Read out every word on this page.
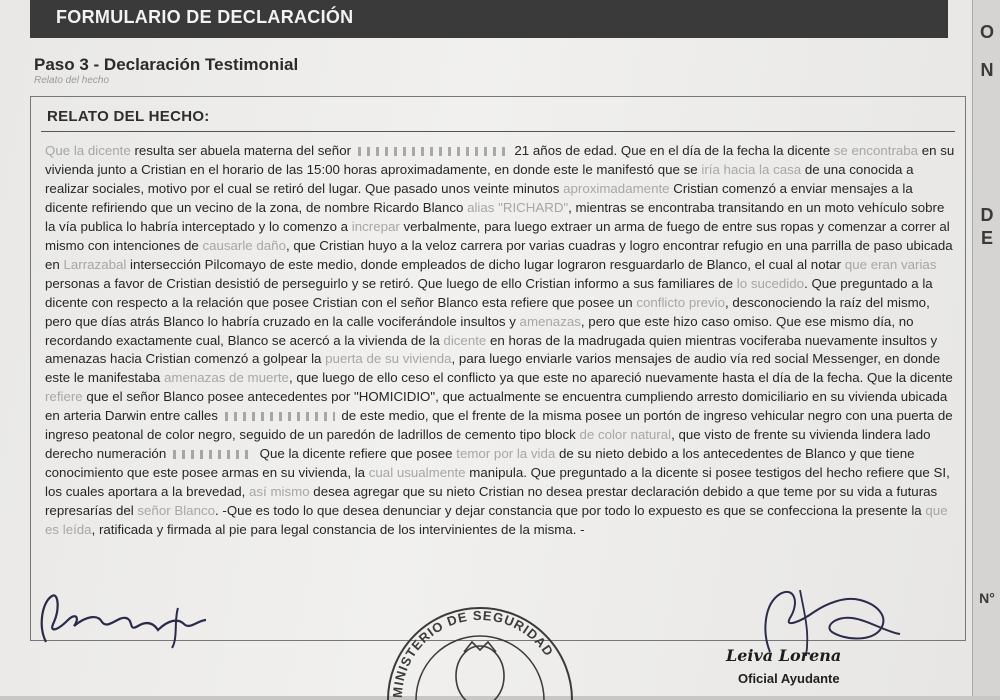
FORMULARIO DE DECLARACIÓN
Paso 3 - Declaración Testimonial
Relato del hecho
RELATO DEL HECHO:

Que la dicente resulta ser abuela materna del señor	21 años de edad. Que en el día de la fecha la dicente se encontraba en su vivienda junto a Cristian en el horario de las 15:00 horas aproximadamente, en donde este le manifestó que se iría hacia la casa de una conocida a realizar sociales, motivo por el cual se retiró del lugar. Que pasado unos veinte minutos aproximadamente Cristian comenzó a enviar mensajes a la dicente refiriendo que un vecino de la zona, de nombre Ricardo Blanco alias "RICHARD", mientras se encontraba transitando en un moto vehículo sobre la vía publica lo habría interceptado y lo comenzo a increpar verbalmente, para luego extraer un arma de fuego de entre sus ropas y comenzar a correr al mismo con intenciones de causarle daño, que Cristian huyo a la veloz carrera por varias cuadras y logro encontrar refugio en una parrilla de paso ubicada en Larrazabal intersección Pilcomayo de este medio, donde empleados de dicho lugar lograron resguardarlo de Blanco, el cual al notar que eran varias personas a favor de Cristian desistió de perseguirlo y se retiró. Que luego de ello Cristian informo a sus familiares de lo sucedido. Que preguntado a la dicente con respecto a la relación que posee Cristian con el señor Blanco esta refiere que posee un conflicto previo, desconociendo la raíz del mismo, pero que días atrás Blanco lo habría cruzado en la calle vociferándole insultos y amenazas, pero que este hizo caso omiso. Que ese mismo día, no recordando exactamente cual, Blanco se acercó a la vivienda de la dicente en horas de la madrugada quien mientras vociferaba nuevamente insultos y amenazas hacia Cristian comenzó a golpear la puerta de su vivienda, para luego enviarle varios mensajes de audio vía red social Messenger, en donde este le manifestaba amenazas de muerte, que luego de ello ceso el conflicto ya que este no apareció nuevamente hasta el día de la fecha. Que la dicente refiere que el señor Blanco posee antecedentes por "HOMICIDIO", que actualmente se encuentra cumpliendo arresto domiciliario en su vivienda ubicada en arteria Darwin entre calles	de este medio, que el frente de la misma posee un portón de ingreso vehicular negro con una puerta de ingreso peatonal de color negro, seguido de un paredón de ladrillos de cemento tipo block de color natural, que visto de frente su vivienda lindera lado derecho numeración	Que la dicente refiere que posee temor por la vida de su nieto debido a los antecedentes de Blanco y que tiene conocimiento que este posee armas en su vivienda, la cual usualmente manipula. Que preguntado a la dicente si posee testigos del hecho refiere que SI, los cuales aportara a la brevedad, así mismo desea agregar que su nieto Cristian no desea prestar declaración debido a que teme por su vida a futuras represarías del señor Blanco. -Que es todo lo que desea denunciar y dejar constancia que por todo lo expuesto es que se confecciona la presente la que es leída, ratificada y firmada al pie para legal constancia de los intervinientes de la misma. -

MINISTERIO DE SEGURIDAD	Leiva Lorena
Oficial Ayudante
O
N
D
E
N°
